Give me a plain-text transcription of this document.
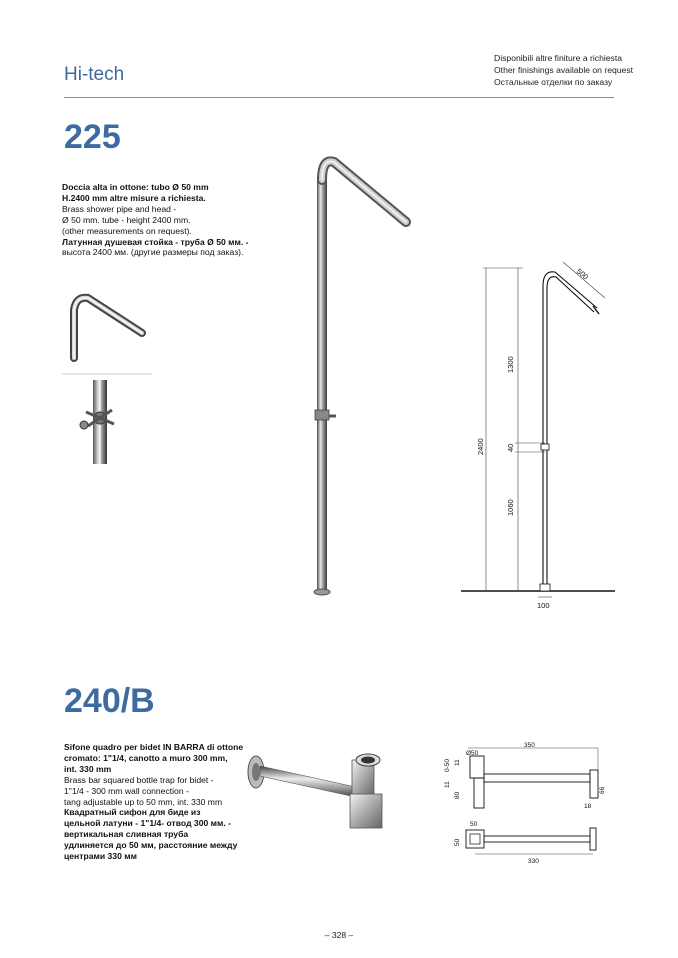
Hi-tech
Disponibili altre finiture a richiesta
Other finishings available on request
Остальные отделки по заказу
225
Doccia alta in ottone: tubo Ø 50 mm
H.2400 mm altre misure a richiesta.
Brass shower pipe and head -
Ø 50 mm. tube - height 2400 mm.
(other measurements on request).
Латунная душевая стойка - труба Ø 50 мм. -
высота 2400 мм. (другие размеры под заказ).
500
1300
40
2400
1060
100
240/B
Sifone quadro per bidet IN BARRA di ottone
cromato: 1"1/4, canotto a muro 300 mm,
int. 330 mm
Brass bar squared bottle trap for bidet -
1"1/4 - 300 mm wall connection -
tang adjustable up to 50 mm, int. 330 mm
Квадратный сифон для биде из
цельной латуни - 1"1/4- отвод 300 мм. -
вертикальная сливная труба
удлиняется до 50 мм, расстояние между
центрами 330 мм
Ø50
350
0-50 11
11
80
66
18
50
50
330
– 328 –
